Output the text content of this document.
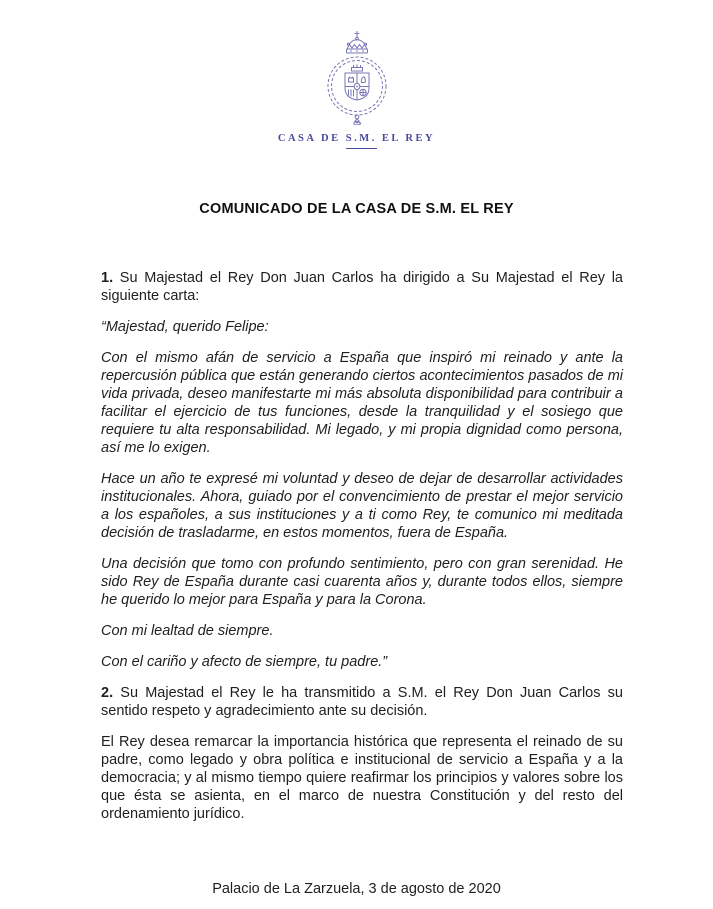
CASA DE S.M. EL REY
COMUNICADO DE LA CASA DE S.M. EL REY

1. Su Majestad el Rey Don Juan Carlos ha dirigido a Su Majestad el Rey la siguiente carta:

“Majestad, querido Felipe:

Con el mismo afán de servicio a España que inspiró mi reinado y ante la repercusión pública que están generando ciertos acontecimientos pasados de mi vida privada, deseo manifestarte mi más absoluta disponibilidad para contribuir a facilitar el ejercicio de tus funciones, desde la tranquilidad y el sosiego que requiere tu alta responsabilidad. Mi legado, y mi propia dignidad como persona, así me lo exigen.

Hace un año te expresé mi voluntad y deseo de dejar de desarrollar actividades institucionales. Ahora, guiado por el convencimiento de prestar el mejor servicio a los españoles, a sus instituciones y a ti como Rey, te comunico mi meditada decisión de trasladarme, en estos momentos, fuera de España.

Una decisión que tomo con profundo sentimiento, pero con gran serenidad. He sido Rey de España durante casi cuarenta años y, durante todos ellos, siempre he querido lo mejor para España y para la Corona.

Con mi lealtad de siempre.

Con el cariño y afecto de siempre, tu padre.”

2. Su Majestad el Rey le ha transmitido a S.M. el Rey Don Juan Carlos su sentido respeto y agradecimiento ante su decisión.

El Rey desea remarcar la importancia histórica que representa el reinado de su padre, como legado y obra política e institucional de servicio a España y a la democracia; y al mismo tiempo quiere reafirmar los principios y valores sobre los que ésta se asienta, en el marco de nuestra Constitución y del resto del ordenamiento jurídico.

Palacio de La Zarzuela, 3 de agosto de 2020
